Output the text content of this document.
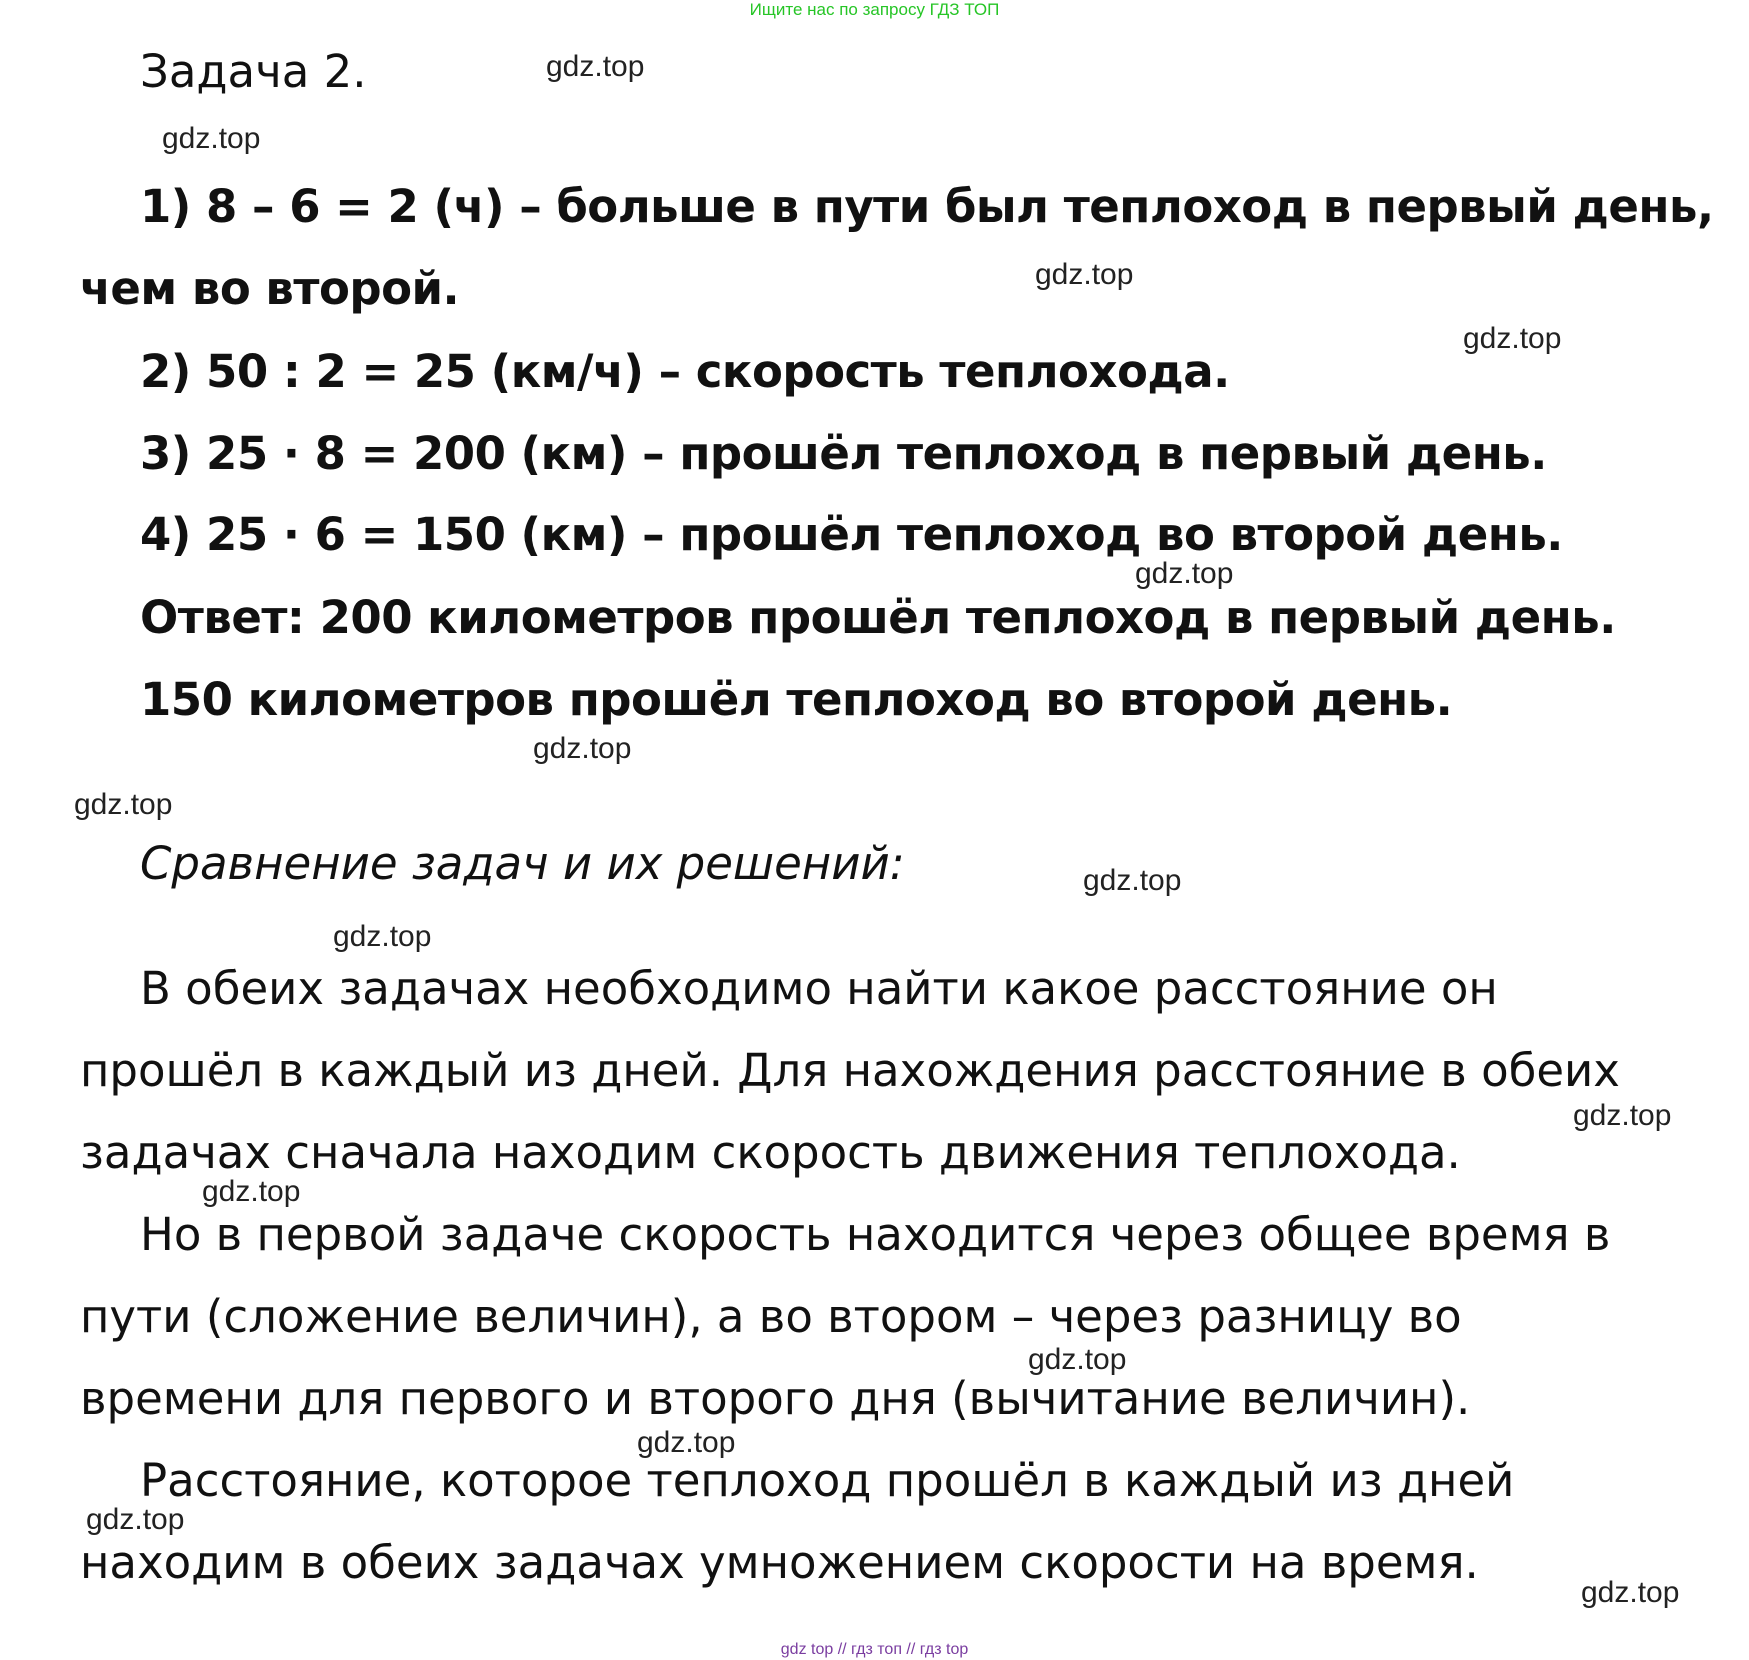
Ищите нас по запросу ГДЗ ТОП
Задача 2.
1) 8 – 6 = 2 (ч) – больше в пути был теплоход в первый день,
чем во второй.
2) 50 : 2 = 25 (км/ч) – скорость теплохода.
3) 25 · 8 = 200 (км) – прошёл теплоход в первый день.
4) 25 · 6 = 150 (км) – прошёл теплоход во второй день.
Ответ: 200 километров прошёл теплоход в первый день.
150 километров прошёл теплоход во второй день.
Сравнение задач и их решений:
В обеих задачах необходимо найти какое расстояние он
прошёл в каждый из дней. Для нахождения расстояние в обеих
задачах сначала находим скорость движения теплохода.
Но в первой задаче скорость находится через общее время в
пути (сложение величин), а во втором – через разницу во
времени для первого и второго дня (вычитание величин).
Расстояние, которое теплоход прошёл в каждый из дней
находим в обеих задачах умножением скорости на время.
gdz.top
gdz.top
gdz.top
gdz.top
gdz.top
gdz.top
gdz.top
gdz.top
gdz.top
gdz.top
gdz.top
gdz.top
gdz.top
gdz.top
gdz.top
gdz top // гдз топ // гдз top
